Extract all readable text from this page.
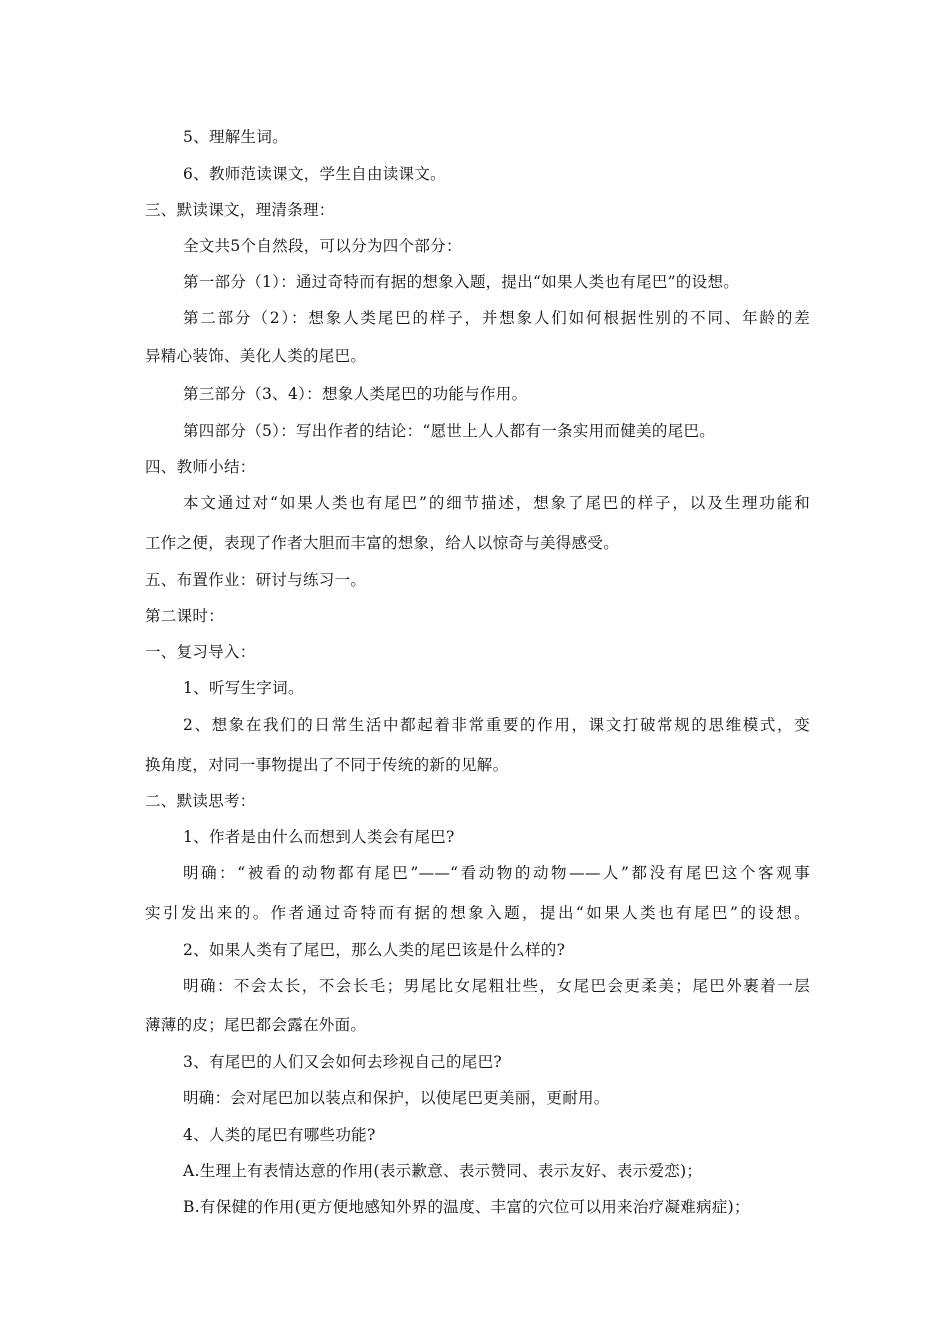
5、理解生词。
6、教师范读课文，学生自由读课文。
三、默读课文，理清条理：
全文共5个自然段，可以分为四个部分：
第一部分（1）：通过奇特而有据的想象入题，提出“如果人类也有尾巴”的设想。
第二部分（2）：想象人类尾巴的样子，并想象人们如何根据性别的不同、年龄的差
异精心装饰、美化人类的尾巴。
第三部分（3、4）：想象人类尾巴的功能与作用。
第四部分（5）：写出作者的结论：“愿世上人人都有一条实用而健美的尾巴。
四、教师小结：
本文通过对“如果人类也有尾巴”的细节描述，想象了尾巴的样子，以及生理功能和
工作之便，表现了作者大胆而丰富的想象，给人以惊奇与美得感受。
五、布置作业：研讨与练习一。
第二课时：
一、复习导入：
1、听写生字词。
2、想象在我们的日常生活中都起着非常重要的作用，课文打破常规的思维模式，变
换角度，对同一事物提出了不同于传统的新的见解。
二、默读思考：
1、作者是由什么而想到人类会有尾巴?
明确：“被看的动物都有尾巴”——“看动物的动物——人”都没有尾巴这个客观事
实引发出来的。作者通过奇特而有据的想象入题，提出“如果人类也有尾巴”的设想。
2、如果人类有了尾巴，那么人类的尾巴该是什么样的?
明确：不会太长，不会长毛；男尾比女尾粗壮些，女尾巴会更柔美；尾巴外裹着一层
薄薄的皮；尾巴都会露在外面。
3、有尾巴的人们又会如何去珍视自己的尾巴?
明确：会对尾巴加以装点和保护，以使尾巴更美丽，更耐用。
4、人类的尾巴有哪些功能?
A.生理上有表情达意的作用(表示歉意、表示赞同、表示友好、表示爱恋)；
B.有保健的作用(更方便地感知外界的温度、丰富的穴位可以用来治疗凝难病症)；
